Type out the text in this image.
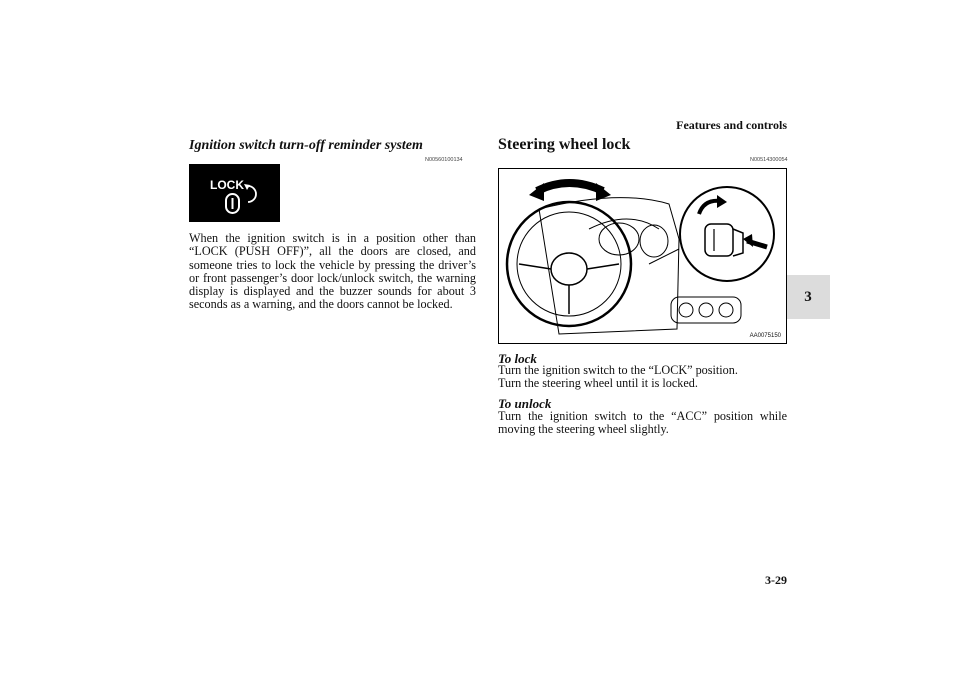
Features and controls
3
Ignition switch turn-off reminder system
N00560100134
LOCK
When the ignition switch is in a position other than “LOCK (PUSH OFF)”, all the doors are closed, and someone tries to lock the vehicle by pressing the driver’s or front passenger’s door lock/unlock switch, the warning display is displayed and the buzzer sounds for about 3 seconds as a warning, and the doors cannot be locked.
Steering wheel lock
N00514300054
AA0075150
To lock
Turn the ignition switch to the “LOCK” position.
Turn the steering wheel until it is locked.
To unlock
Turn the ignition switch to the “ACC” position while moving the steering wheel slightly.
3-29
